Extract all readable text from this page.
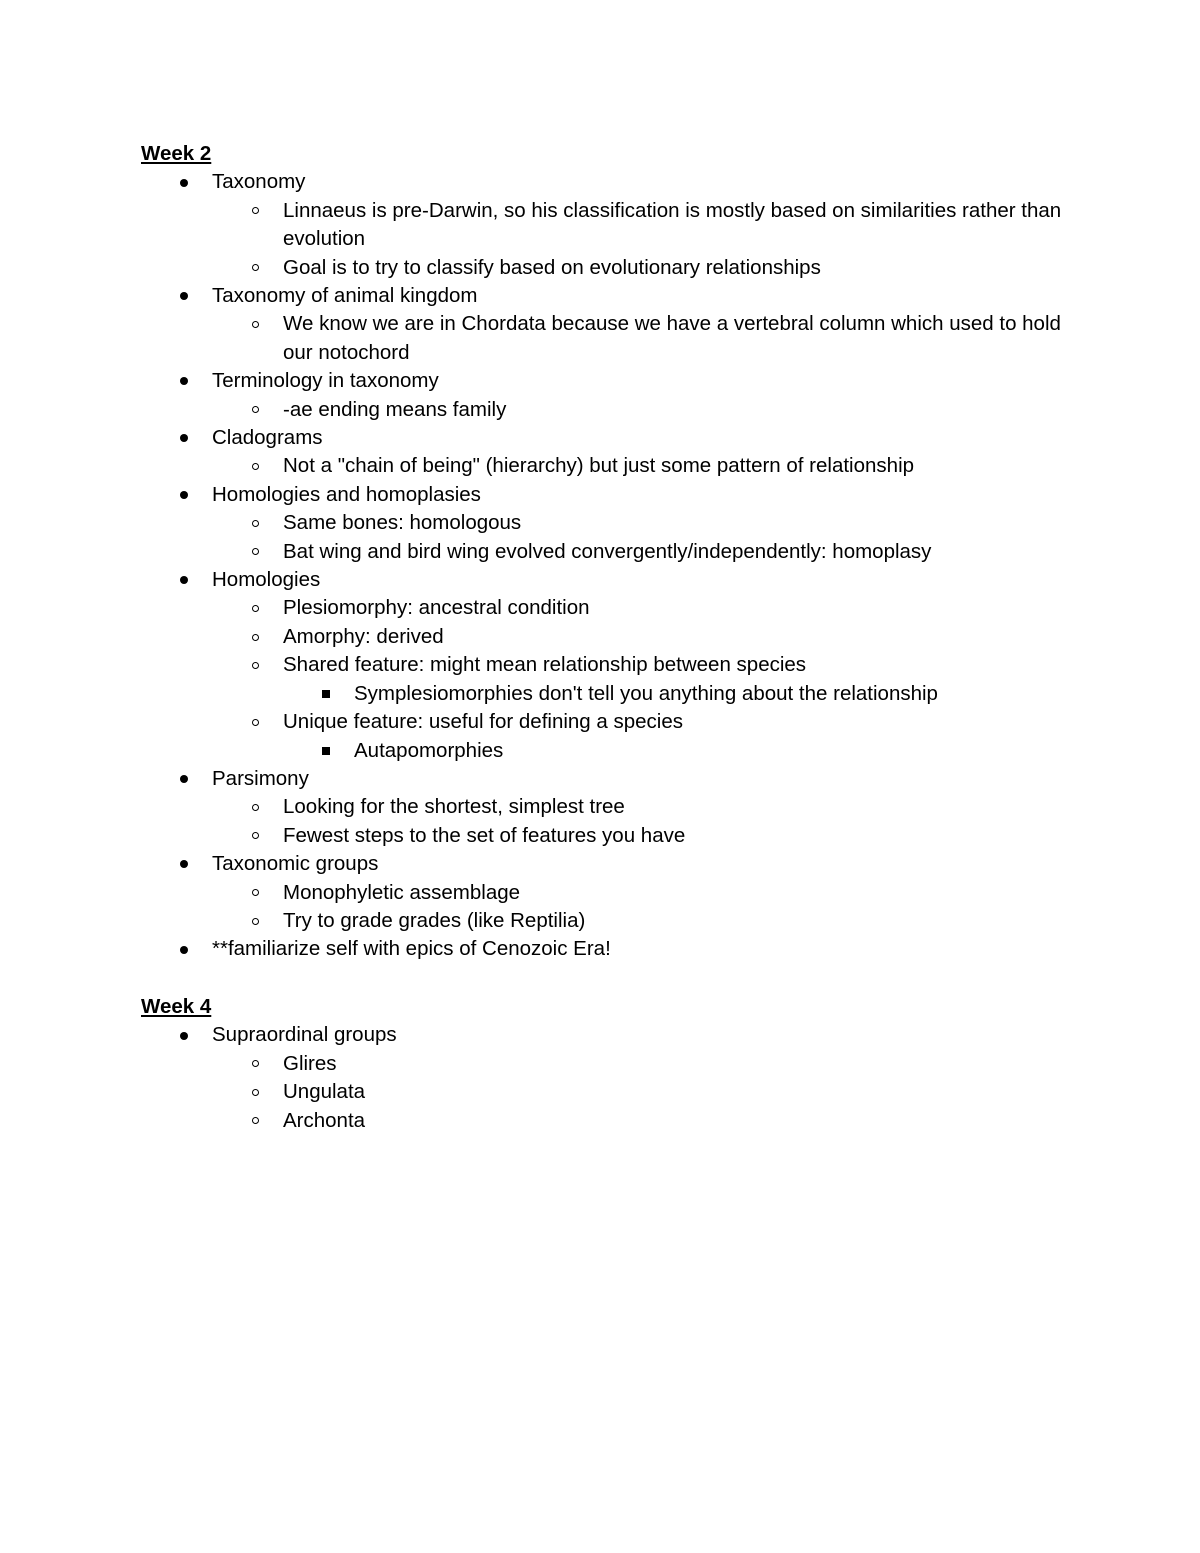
Week 2
Taxonomy
Linnaeus is pre-Darwin, so his classification is mostly based on similarities rather than evolution
Goal is to try to classify based on evolutionary relationships
Taxonomy of animal kingdom
We know we are in Chordata because we have a vertebral column which used to hold our notochord
Terminology in taxonomy
-ae ending means family
Cladograms
Not a "chain of being" (hierarchy) but just some pattern of relationship
Homologies and homoplasies
Same bones: homologous
Bat wing and bird wing evolved convergently/independently: homoplasy
Homologies
Plesiomorphy: ancestral condition
Amorphy: derived
Shared feature: might mean relationship between species
Symplesiomorphies don't tell you anything about the relationship
Unique feature: useful for defining a species
Autapomorphies
Parsimony
Looking for the shortest, simplest tree
Fewest steps to the set of features you have
Taxonomic groups
Monophyletic assemblage
Try to grade grades (like Reptilia)
**familiarize self with epics of Cenozoic Era!
Week 4
Supraordinal groups
Glires
Ungulata
Archonta
